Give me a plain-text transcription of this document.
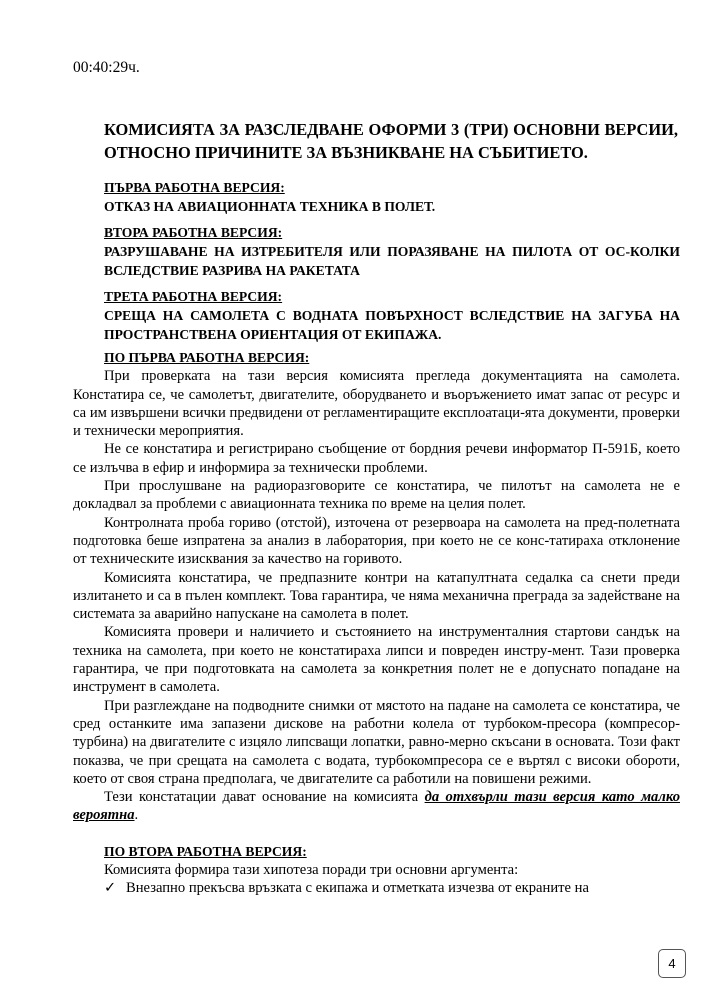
00:40:29ч.
КОМИСИЯТА ЗА РАЗСЛЕДВАНЕ ОФОРМИ 3 (ТРИ) ОСНОВНИ ВЕРСИИ, ОТНОСНО ПРИЧИНИТЕ ЗА ВЪЗНИКВАНЕ НА СЪБИТИЕТО.
ПЪРВА РАБОТНА ВЕРСИЯ:
ОТКАЗ НА АВИАЦИОННАТА ТЕХНИКА В ПОЛЕТ.
ВТОРА РАБОТНА ВЕРСИЯ:
РАЗРУШАВАНЕ НА ИЗТРЕБИТЕЛЯ ИЛИ ПОРАЗЯВАНЕ НА ПИЛОТА ОТ ОС-КОЛКИ ВСЛЕДСТВИЕ РАЗРИВА НА РАКЕТАТА
ТРЕТА РАБОТНА ВЕРСИЯ:
СРЕЩА НА САМОЛЕТА С ВОДНАТА ПОВЪРХНОСТ ВСЛЕДСТВИЕ НА ЗАГУБА НА ПРОСТРАНСТВЕНА ОРИЕНТАЦИЯ ОТ ЕКИПАЖА.
ПО ПЪРВА РАБОТНА ВЕРСИЯ:

При проверката на тази версия комисията прегледа документацията на самолета. Констатира се, че самолетът, двигателите, оборудването и въоръжението имат запас от ресурс и са им извършени всички предвидени от регламентиращите експлоатаци-ята документи, проверки и технически мероприятия.

Не се констатира и регистрирано съобщение от бордния речеви информатор П-591Б, което се излъчва в ефир и информира за технически проблеми.

При прослушване на радиоразговорите се констатира, че пилотът на самолета не е докладвал за проблеми с авиационната техника по време на целия полет.

Контролната проба гориво (отстой), източена от резервоара на самолета на пред-полетната подготовка беше изпратена за анализ в лаборатория, при което не се конс-татираха отклонение от техническите изисквания за качество на горивото.

Комисията констатира, че предпазните контри на катапултната седалка са снети преди излитането и са в пълен комплект. Това гарантира, че няма механична преграда за задействане на системата за аварийно напускане на самолета в полет.

Комисията провери и наличието и състоянието на инструменталния стартови сандък на техника на самолета, при което не констатираха липси и повреден инстру-мент. Тази проверка гарантира, че при подготовката на самолета за конкретния полет не е допуснато попадане на инструмент в самолета.

При разглеждане на подводните снимки от мястото на падане на самолета се констатира, че сред останките има запазени дискове на работни колела от турбоком-пресора (компресор-турбина) на двигателите с изцяло липсващи лопатки, равно-мерно скъсани в основата. Този факт показва, че при срещата на самолета с водата, турбокомпресора се е въртял с високи обороти, което от своя страна предполага, че двигателите са работили на повишени режими.

Тези констатации дават основание на комисията да отхвърли тази версия като малко вероятна.

ПО ВТОРА РАБОТНА ВЕРСИЯ:

Комисията формира тази хипотеза поради три основни аргумента:

✓ Внезапно прекъсва връзката с екипажа и отметката изчезва от екраните на
4
